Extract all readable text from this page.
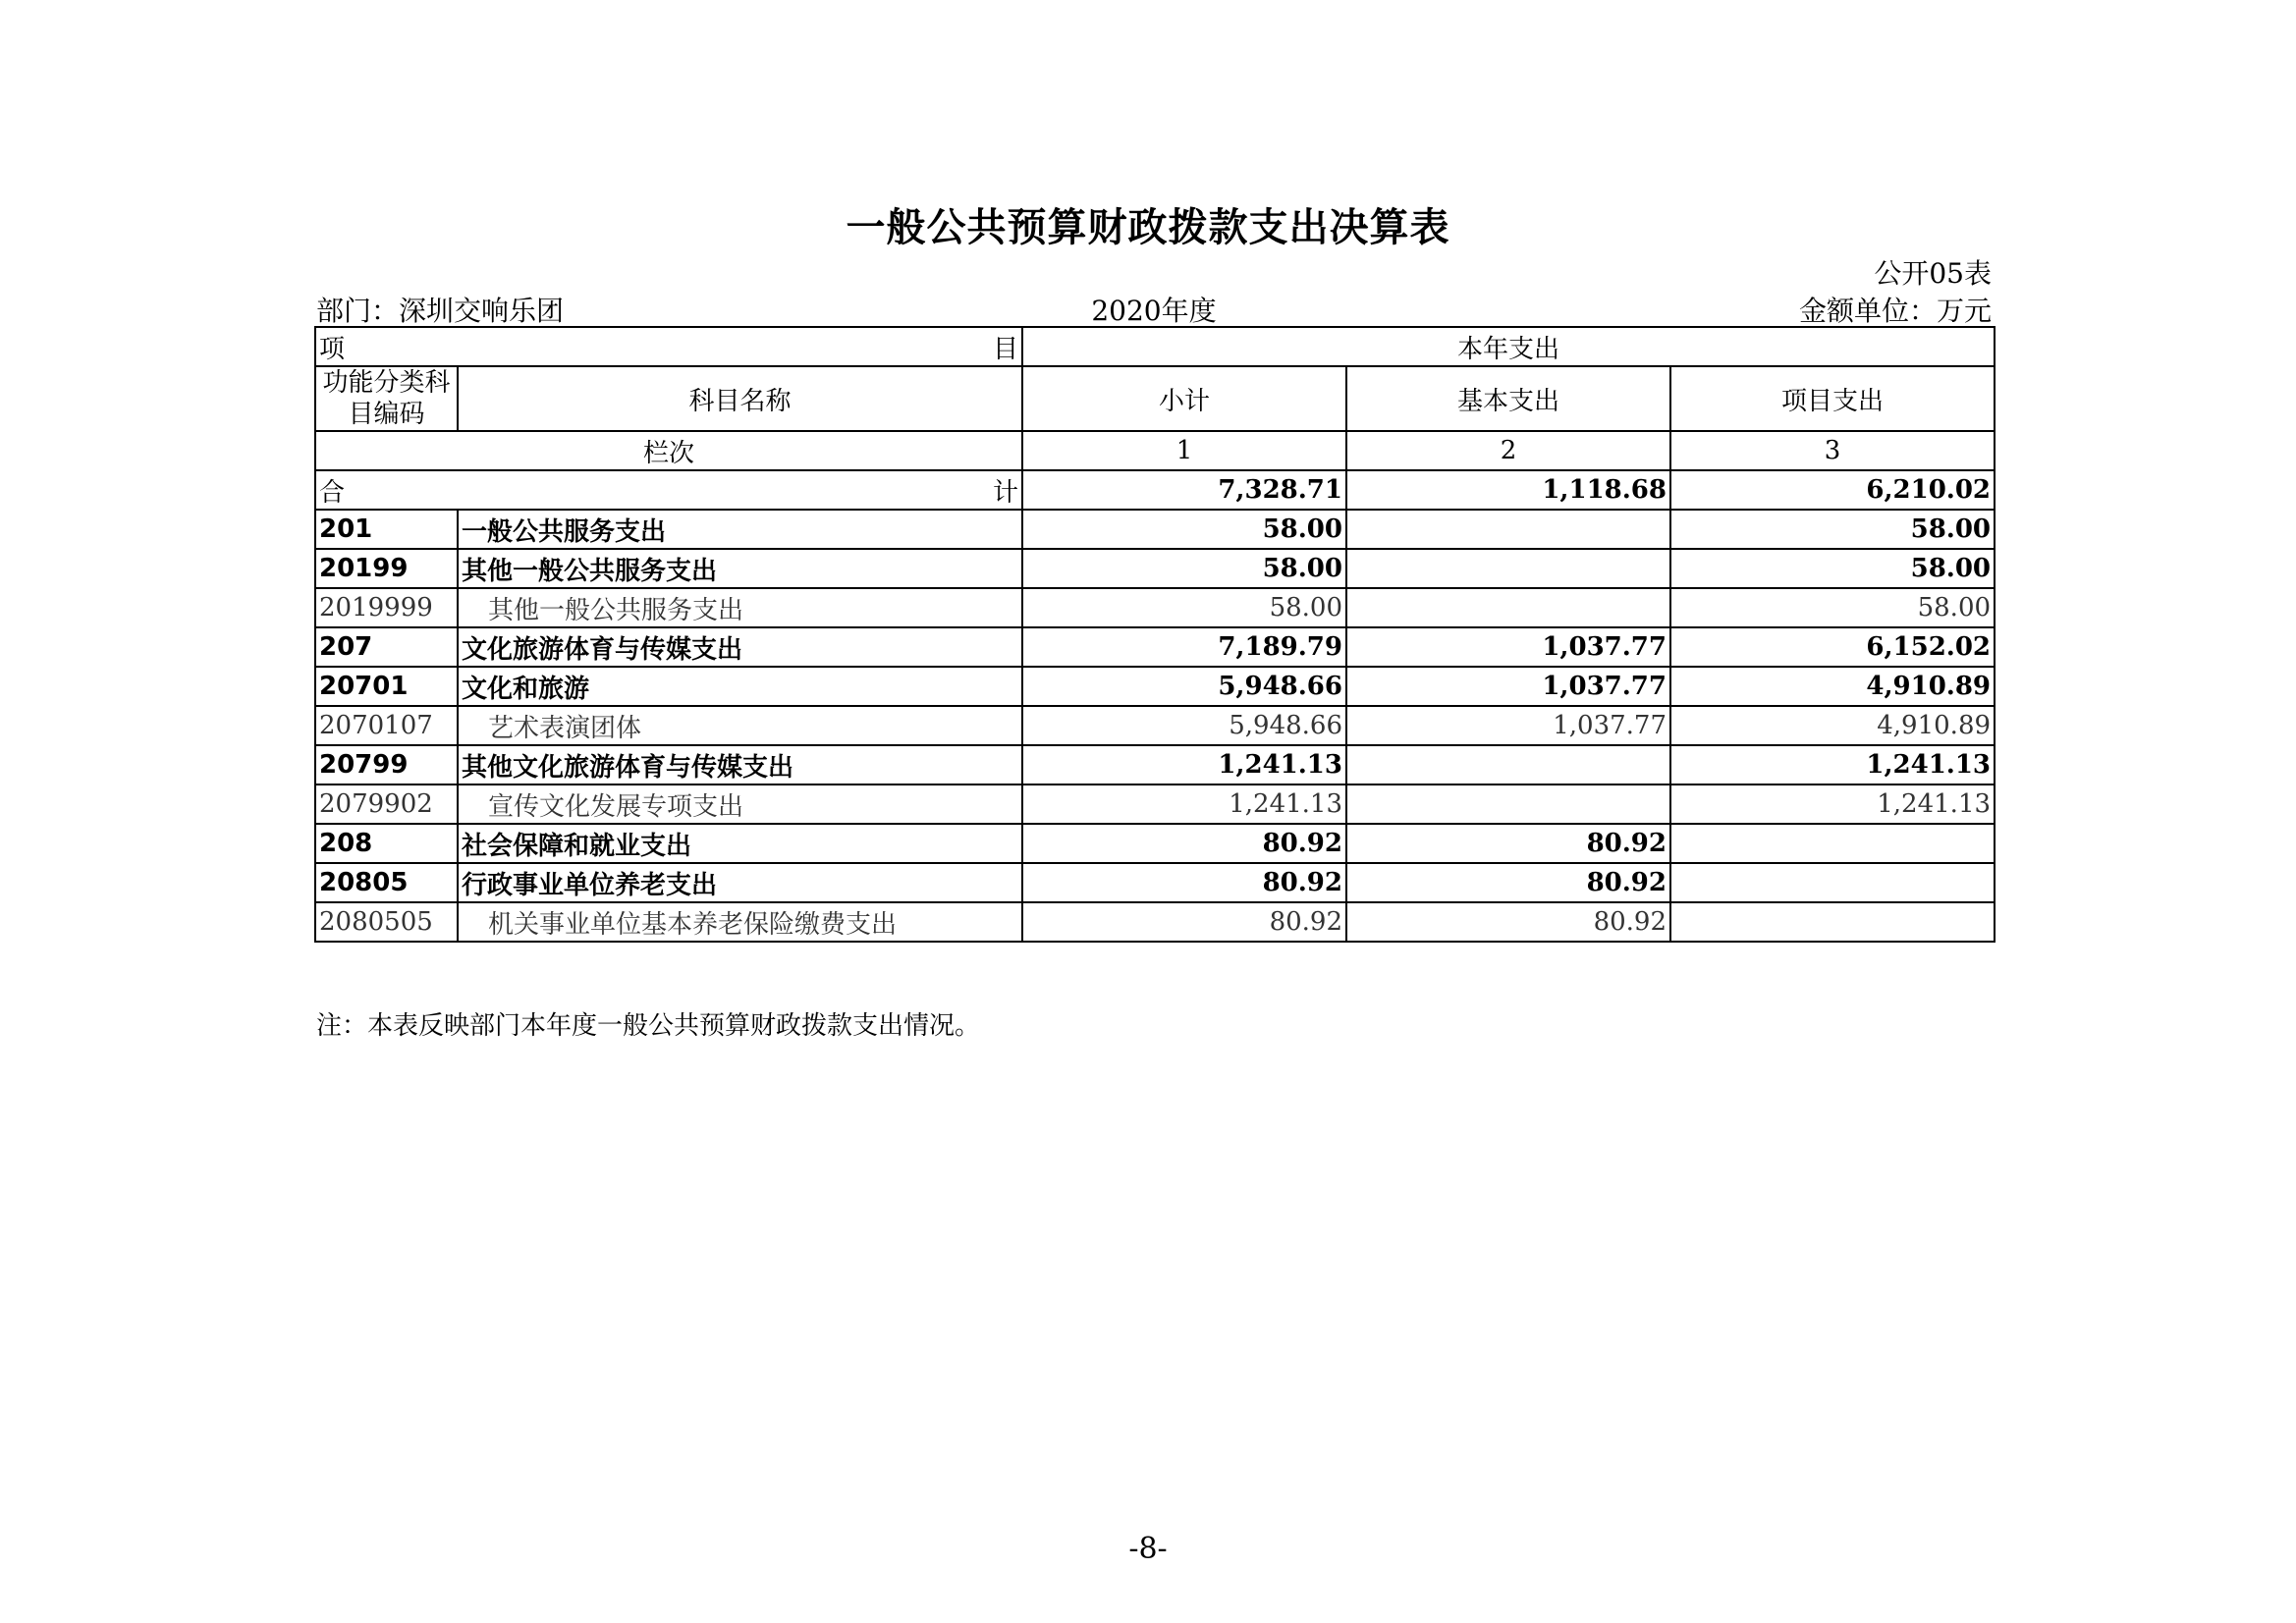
一般公共预算财政拨款支出决算表
公开05表
部门：深圳交响乐团	2020年度	金额单位：万元
项 目		本年支出		

功能分类科目编码	科目名称	小计	基本支出	项目支出
栏次		1	2	3

合 计		7,328.71	1,118.68	6,210.02
201	一般公共服务支出	58.00		58.00
20199	其他一般公共服务支出	58.00		58.00
2019999	其他一般公共服务支出	58.00		58.00
207	文化旅游体育与传媒支出	7,189.79	1,037.77	6,152.02
20701	文化和旅游	5,948.66	1,037.77	4,910.89
2070107	艺术表演团体	5,948.66	1,037.77	4,910.89
20799	其他文化旅游体育与传媒支出	1,241.13		1,241.13
2079902	宣传文化发展专项支出	1,241.13		1,241.13
208	社会保障和就业支出	80.92	80.92	
20805	行政事业单位养老支出	80.92	80.92	
2080505	机关事业单位基本养老保险缴费支出	80.92	80.92	
注：本表反映部门本年度一般公共预算财政拨款支出情况。
-8-
